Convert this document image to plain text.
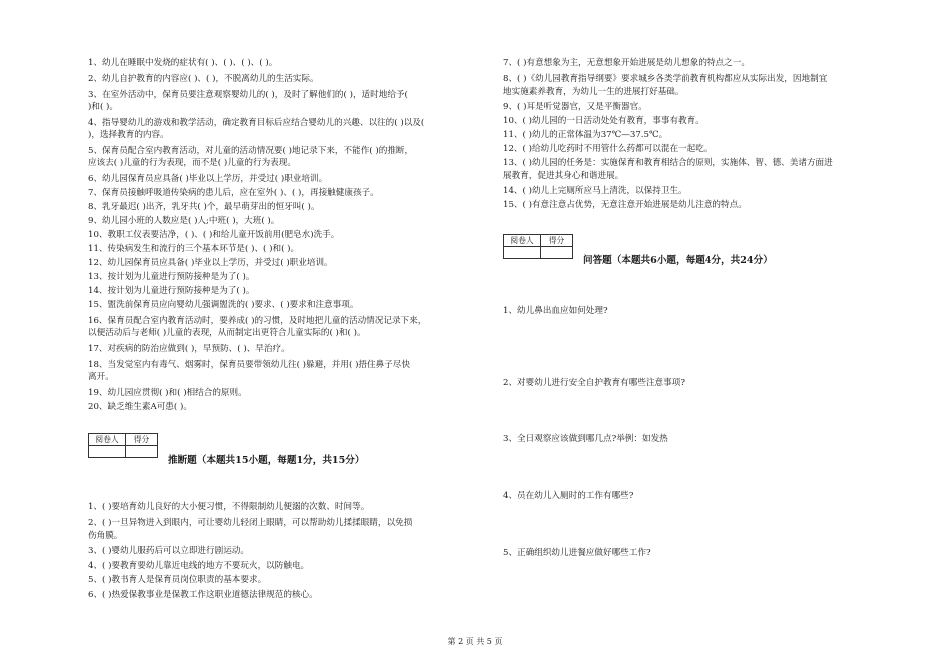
1、幼儿在睡眠中发烧的症状有( )、( )、( )、( )。
2、幼儿自护教育的内容应( )、( )，不脱离幼儿的生活实际。
3、在室外活动中，保育员要注意观察婴幼儿的( )，及时了解他们的( )，适时地给予(
)和( )。
4、指导婴幼儿的游戏和教学活动，确定教育目标后应结合婴幼儿的兴趣、以往的( )以及(
)，选择教育的内容。
5、保育员配合室内教育活动，对儿童的活动情况要( )地记录下来，不能作( )的推断，
应该去( )儿童的行为表现，而不是( )儿童的行为表现。
6、幼儿园保育员应具备( )毕业以上学历，并受过( )职业培训。
7、保育员接触呼吸道传染病的患儿后，应在室外( )、( )，再接触健康孩子。
8、乳牙最迟( )出齐，乳牙共( )个，最早萌芽出的恒牙叫( )。
9、幼儿园小班的人数应是( )人;中班( )，大班( )。
10、教职工仪表要洁净，( )、( )和给儿童开饭前用(肥皂水)洗手。
11、传染病发生和流行的三个基本环节是( )、( )和( )。
12、幼儿园保育员应具备( )毕业以上学历，并受过( )职业培训。
13、按计划为儿童进行预防接种是为了( )。
14、按计划为儿童进行预防接种是为了( )。
15、盥洗前保育员应向婴幼儿强调盥洗的( )要求、( )要求和注意事项。
16、保育员配合室内教育活动时，要养成( )的习惯，及时地把儿童的活动情况记录下来，
以便活动后与老师( )儿童的表现，从而制定出更符合儿童实际的( )和( )。
17、对疾病的防治应做到( )，早预防、( )、早治疗。
18、当发觉室内有毒气、烟雾时，保育员要带领幼儿往( )躲避，并用( )捂住鼻子尽快
离开。
19、幼儿园应贯彻( )和( )相结合的原则。
20、缺乏维生素A可患( )。
阅卷人	得分

推断题（本题共15小题，每题1分，共15分）
1、( )要培育幼儿良好的大小便习惯，不得限制幼儿便溺的次数、时间等。
2、( )一旦异物进入到眼内，可让婴幼儿轻闭上眼睛，可以帮助幼儿揉揉眼睛，以免损
伤角膜。
3、( )婴幼儿服药后可以立即进行剧运动。
4、( )要教育要幼儿靠近电线的地方不要玩火，以防触电。
5、( )教书育人是保育员岗位职责的基本要求。
6、( )热爱保教事业是保教工作这职业道德法律规范的核心。
7、( )有意想象为主，无意想象开始进展是幼儿想象的特点之一。
8、( )《幼儿园教育指导纲要》要求城乡各类学前教育机构都应从实际出发，因地制宜
地实施素养教育，为幼儿一生的进展打好基础。
9、( )耳是听觉器官，又是平衡器官。
10、( )幼儿园的一日活动处处有教育，事事有教育。
11、( )幼儿的正常体温为37℃—37.5℃。
12、( )给幼儿吃药时不用管什么药都可以混在一起吃。
13、( )幼儿园的任务是：实施保育和教育相结合的原则，实施体、智、德、美诸方面进
展教育，促进其身心和谐进展。
14、( )幼儿上完厕所应马上清洗，以保持卫生。
15、( )有意注意占优势，无意注意开始进展是幼儿注意的特点。
阅卷人	得分

问答题（本题共6小题，每题4分，共24分）
1、幼儿鼻出血应如何处理?
2、对婴幼儿进行安全自护教育有哪些注意事项?
3、全日观察应该做到哪几点?举例：如发热
4、员在幼儿入厕时的工作有哪些?
5、正确组织幼儿进餐应做好哪些工作?
第 2 页 共 5 页
